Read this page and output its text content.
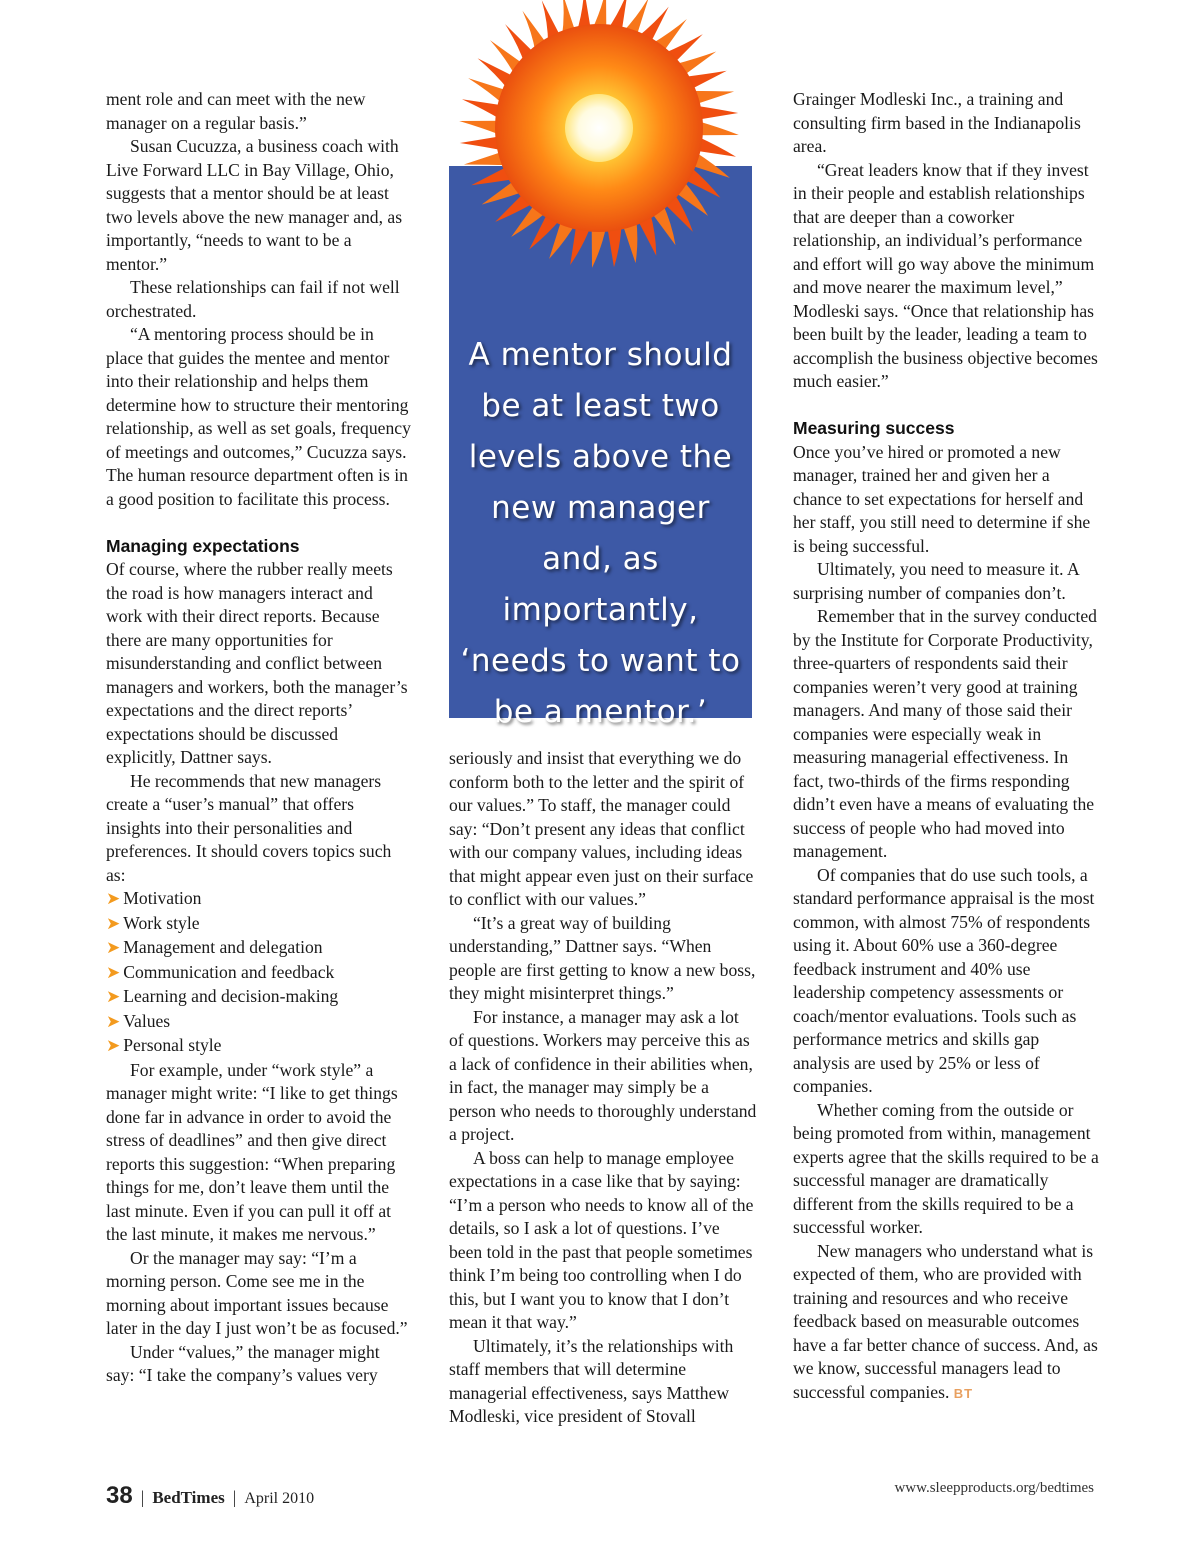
ment role and can meet with the new manager on a regular basis.”

Susan Cucuzza, a business coach with Live Forward LLC in Bay Village, Ohio, suggests that a mentor should be at least two levels above the new manager and, as importantly, “needs to want to be a mentor.”

These relationships can fail if not well orchestrated.

“A mentoring process should be in place that guides the mentee and mentor into their relationship and helps them determine how to structure their mentoring relationship, as well as set goals, frequency of meetings and outcomes,” Cucuzza says. The human resource department often is in a good position to facilitate this process.

Managing expectations

Of course, where the rubber really meets the road is how managers interact and work with their direct reports. Because there are many opportunities for misunderstanding and conflict between managers and workers, both the manager’s expectations and the direct reports’ expectations should be discussed explicitly, Dattner says.

He recommends that new managers create a “user’s manual” that offers insights into their personalities and preferences. It should covers topics such as:

➤ Motivation
➤ Work style
➤ Management and delegation
➤ Communication and feedback
➤ Learning and decision-making
➤ Values
➤ Personal style

For example, under “work style” a manager might write: “I like to get things done far in advance in order to avoid the stress of deadlines” and then give direct reports this suggestion: “When preparing things for me, don’t leave them until the last minute. Even if you can pull it off at the last minute, it makes me nervous.”

Or the manager may say: “I’m a morning person. Come see me in the morning about important issues because later in the day I just won’t be as focused.”

Under “values,” the manager might say: “I take the company’s values very

A mentor should be at least two levels above the new manager and, as importantly, ‘needs to want to be a mentor.’

seriously and insist that everything we do conform both to the letter and the spirit of our values.” To staff, the manager could say: “Don’t present any ideas that conflict with our company values, including ideas that might appear even just on their surface to conflict with our values.”

“It’s a great way of building understanding,” Dattner says. “When people are first getting to know a new boss, they might misinterpret things.”

For instance, a manager may ask a lot of questions. Workers may perceive this as a lack of confidence in their abilities when, in fact, the manager may simply be a person who needs to thoroughly understand a project.

A boss can help to manage employee expectations in a case like that by saying: “I’m a person who needs to know all of the details, so I ask a lot of questions. I’ve been told in the past that people sometimes think I’m being too controlling when I do this, but I want you to know that I don’t mean it that way.”

Ultimately, it’s the relationships with staff members that will determine managerial effectiveness, says Matthew Modleski, vice president of Stovall

Grainger Modleski Inc., a training and consulting firm based in the Indianapolis area.

“Great leaders know that if they invest in their people and establish relationships that are deeper than a coworker relationship, an individual’s performance and effort will go way above the minimum and move nearer the maximum level,” Modleski says. “Once that relationship has been built by the leader, leading a team to accomplish the business objective becomes much easier.”

Measuring success

Once you’ve hired or promoted a new manager, trained her and given her a chance to set expectations for herself and her staff, you still need to determine if she is being successful.

Ultimately, you need to measure it. A surprising number of companies don’t.

Remember that in the survey conducted by the Institute for Corporate Productivity, three-quarters of respondents said their companies weren’t very good at training managers. And many of those said their companies were especially weak in measuring managerial effectiveness. In fact, two-thirds of the firms responding didn’t even have a means of evaluating the success of people who had moved into management.

Of companies that do use such tools, a standard performance appraisal is the most common, with almost 75% of respondents using it. About 60% use a 360-degree feedback instrument and 40% use leadership competency assessments or coach/mentor evaluations. Tools such as performance metrics and skills gap analysis are used by 25% or less of companies.

Whether coming from the outside or being promoted from within, management experts agree that the skills required to be a successful manager are dramatically different from the skills required to be a successful worker.

New managers who understand what is expected of them, who are provided with training and resources and who receive feedback based on measurable outcomes have a far better chance of success. And, as we know, successful managers lead to successful companies. BT

38 | BedTimes | April 2010
www.sleepproducts.org/bedtimes
